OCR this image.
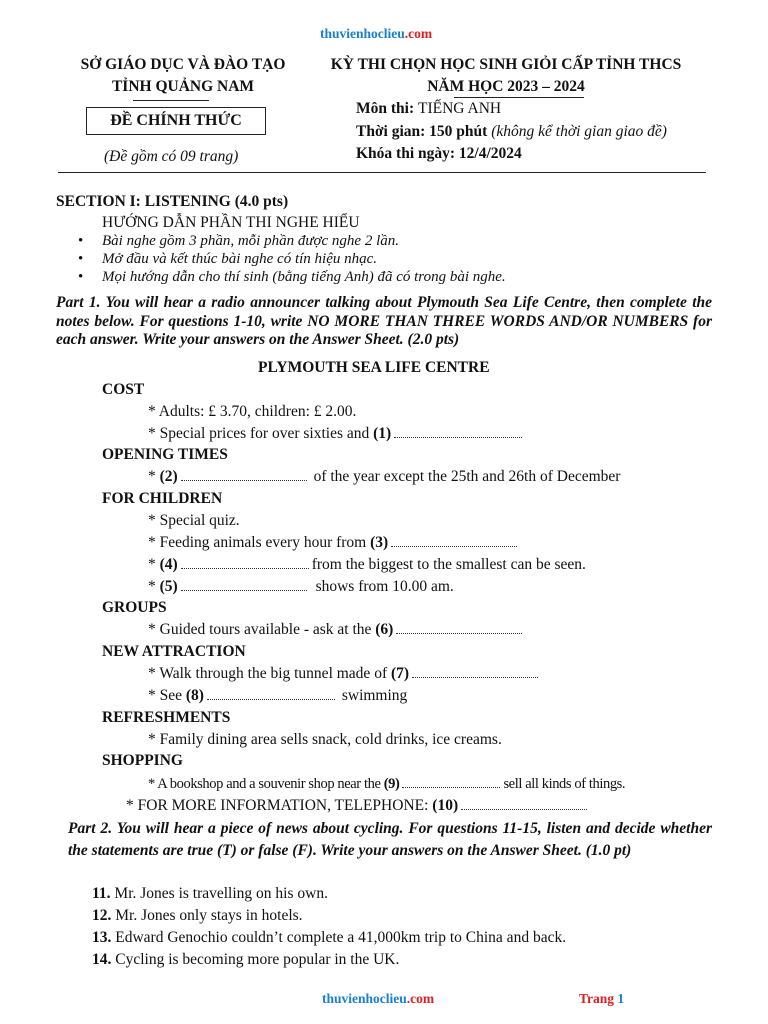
thuvienhoclieu.com
SỞ GIÁO DỤC VÀ ĐÀO TẠO
TỈNH QUẢNG NAM
ĐỀ CHÍNH THỨC
(Đề gồm có 09 trang)
KỲ THI CHỌN HỌC SINH GIỎI CẤP TỈNH THCS
NĂM HỌC 2023 – 2024
Môn thi: TIẾNG ANH
Thời gian: 150 phút (không kể thời gian giao đề)
Khóa thi ngày: 12/4/2024
SECTION I: LISTENING (4.0 pts)
HƯỚNG DẪN PHẦN THI NGHE HIỂU
• Bài nghe gồm 3 phần, mỗi phần được nghe 2 lần.
• Mở đầu và kết thúc bài nghe có tín hiệu nhạc.
• Mọi hướng dẫn cho thí sinh (bằng tiếng Anh) đã có trong bài nghe.
Part 1. You will hear a radio announcer talking about Plymouth Sea Life Centre, then complete the notes below. For questions 1-10, write NO MORE THAN THREE WORDS AND/OR NUMBERS for each answer. Write your answers on the Answer Sheet. (2.0 pts)
PLYMOUTH SEA LIFE CENTRE
COST
* Adults: £ 3.70, children: £ 2.00.
* Special prices for over sixties and (1)
OPENING TIMES
* (2)	of the year except the 25th and 26th of December
FOR CHILDREN
* Special quiz.
* Feeding animals every hour from (3)
* (4)	from the biggest to the smallest can be seen.
* (5)	shows from 10.00 am.
GROUPS
* Guided tours available - ask at the (6)
NEW ATTRACTION
* Walk through the big tunnel made of (7)
* See (8)	swimming
REFRESHMENTS
* Family dining area sells snack, cold drinks, ice creams.
SHOPPING
* A bookshop and a souvenir shop near the (9)	sell all kinds of things.
* FOR MORE INFORMATION, TELEPHONE: (10)
Part 2. You will hear a piece of news about cycling. For questions 11-15, listen and decide whether the statements are true (T) or false (F). Write your answers on the Answer Sheet. (1.0 pt)
11. Mr. Jones is travelling on his own.
12. Mr. Jones only stays in hotels.
13. Edward Genochio couldn’t complete a 41,000km trip to China and back.
14. Cycling is becoming more popular in the UK.
thuvienhoclieu.com	Trang 1
